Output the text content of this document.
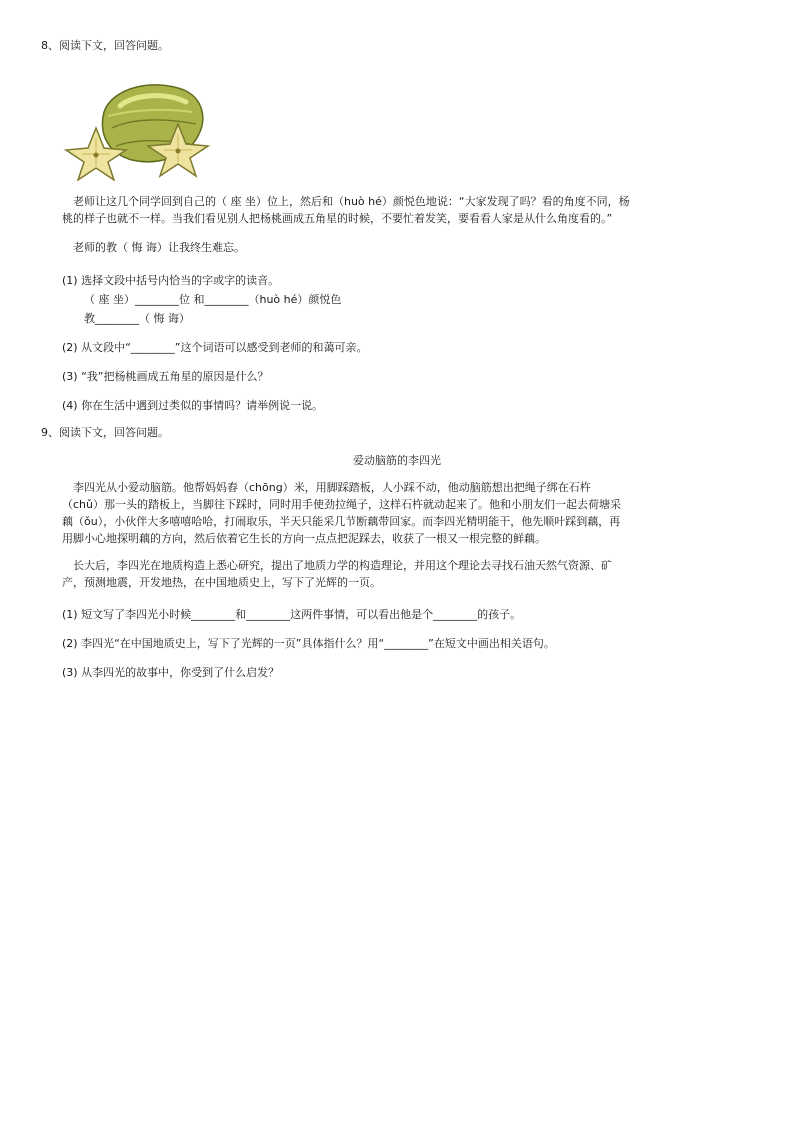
8、阅读下文，回答问题。
老师让这几个同学回到自己的（ 座 坐）位上，然后和（huò hé）颜悦色地说：“大家发现了吗？看的角度不同，杨
桃的样子也就不一样。当我们看见别人把杨桃画成五角星的时候，不要忙着发笑，要看看人家是从什么角度看的。”
老师的教（ 悔 诲）让我终生难忘。
(1) 选择文段中括号内恰当的字或字的读音。
（ 座 坐）________位 和________（huò hé）颜悦色
教________（ 悔 诲）
(2) 从文段中“________”这个词语可以感受到老师的和蔼可亲。
(3) “我”把杨桃画成五角星的原因是什么？
(4) 你在生活中遇到过类似的事情吗？请举例说一说。
9、阅读下文，回答问题。
爱动脑筋的李四光
李四光从小爱动脑筋。他帮妈妈舂（chōng）米，用脚踩踏板，人小踩不动，他动脑筋想出把绳子绑在石杵
（chǔ）那一头的踏板上，当脚往下踩时，同时用手使劲拉绳子，这样石杵就动起来了。他和小朋友们一起去荷塘采
藕（ǒu），小伙伴大多嘻嘻哈哈，打闹取乐，半天只能采几节断藕带回家。而李四光精明能干，他先顺叶踩到藕，再
用脚小心地探明藕的方向，然后依着它生长的方向一点点把泥踩去，收获了一根又一根完整的鲜藕。
长大后，李四光在地质构造上悉心研究，提出了地质力学的构造理论，并用这个理论去寻找石油天然气资源、矿
产，预测地震，开发地热，在中国地质史上，写下了光辉的一页。
(1) 短文写了李四光小时候________和________这两件事情，可以看出他是个________的孩子。
(2) 李四光“在中国地质史上，写下了光辉的一页”具体指什么？用“________”在短文中画出相关语句。
(3) 从李四光的故事中，你受到了什么启发？
